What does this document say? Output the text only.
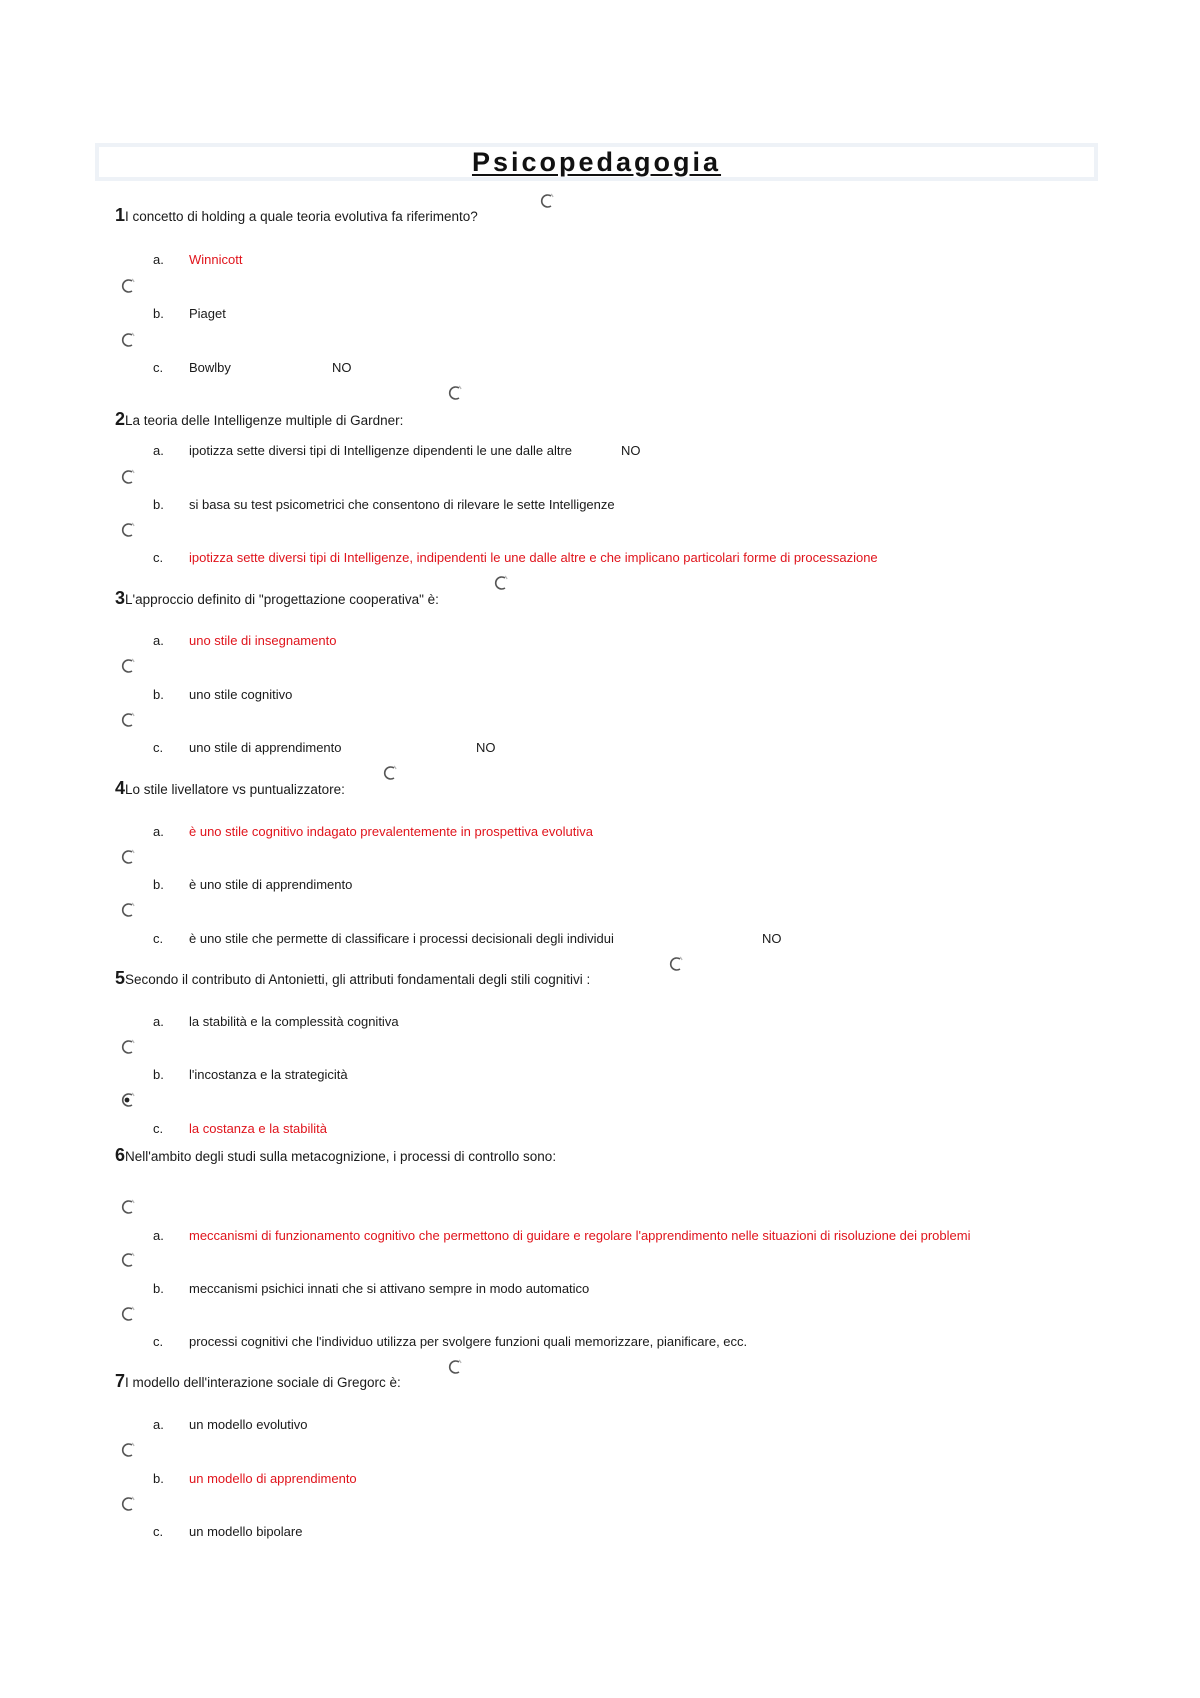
Psicopedagogia
1 I concetto di holding a quale teoria evolutiva fa riferimento?
a. Winnicott
b. Piaget
c. Bowlby	NO
2 La teoria delle Intelligenze multiple di Gardner:
a. ipotizza sette diversi tipi di Intelligenze dipendenti le une dalle altre	NO
b. si basa su test psicometrici che consentono di rilevare le sette Intelligenze
c. ipotizza sette diversi tipi di Intelligenze, indipendenti le une dalle altre e che implicano particolari forme di processazione
3 L'approccio definito di "progettazione cooperativa" è:
a. uno stile di insegnamento
b. uno stile cognitivo
c. uno stile di apprendimento	NO
4 Lo stile livellatore vs puntualizzatore:
a. è uno stile cognitivo indagato prevalentemente in prospettiva evolutiva
b. è uno stile di apprendimento
c. è uno stile che permette di classificare i processi decisionali degli individui	NO
5 Secondo il contributo di Antonietti, gli attributi fondamentali degli stili cognitivi :
a. la stabilità e la complessità cognitiva
b. l'incostanza e la strategicità
c. la costanza e la stabilità
6 Nell'ambito degli studi sulla metacognizione, i processi di controllo sono:
a. meccanismi di funzionamento cognitivo che permettono di guidare e regolare l'apprendimento nelle situazioni di risoluzione dei problemi
b. meccanismi psichici innati che si attivano sempre in modo automatico
c. processi cognitivi che l'individuo utilizza per svolgere funzioni quali memorizzare, pianificare, ecc.
7 I modello dell'interazione sociale di Gregorc è:
a. un modello evolutivo
b. un modello di apprendimento
c. un modello bipolare
